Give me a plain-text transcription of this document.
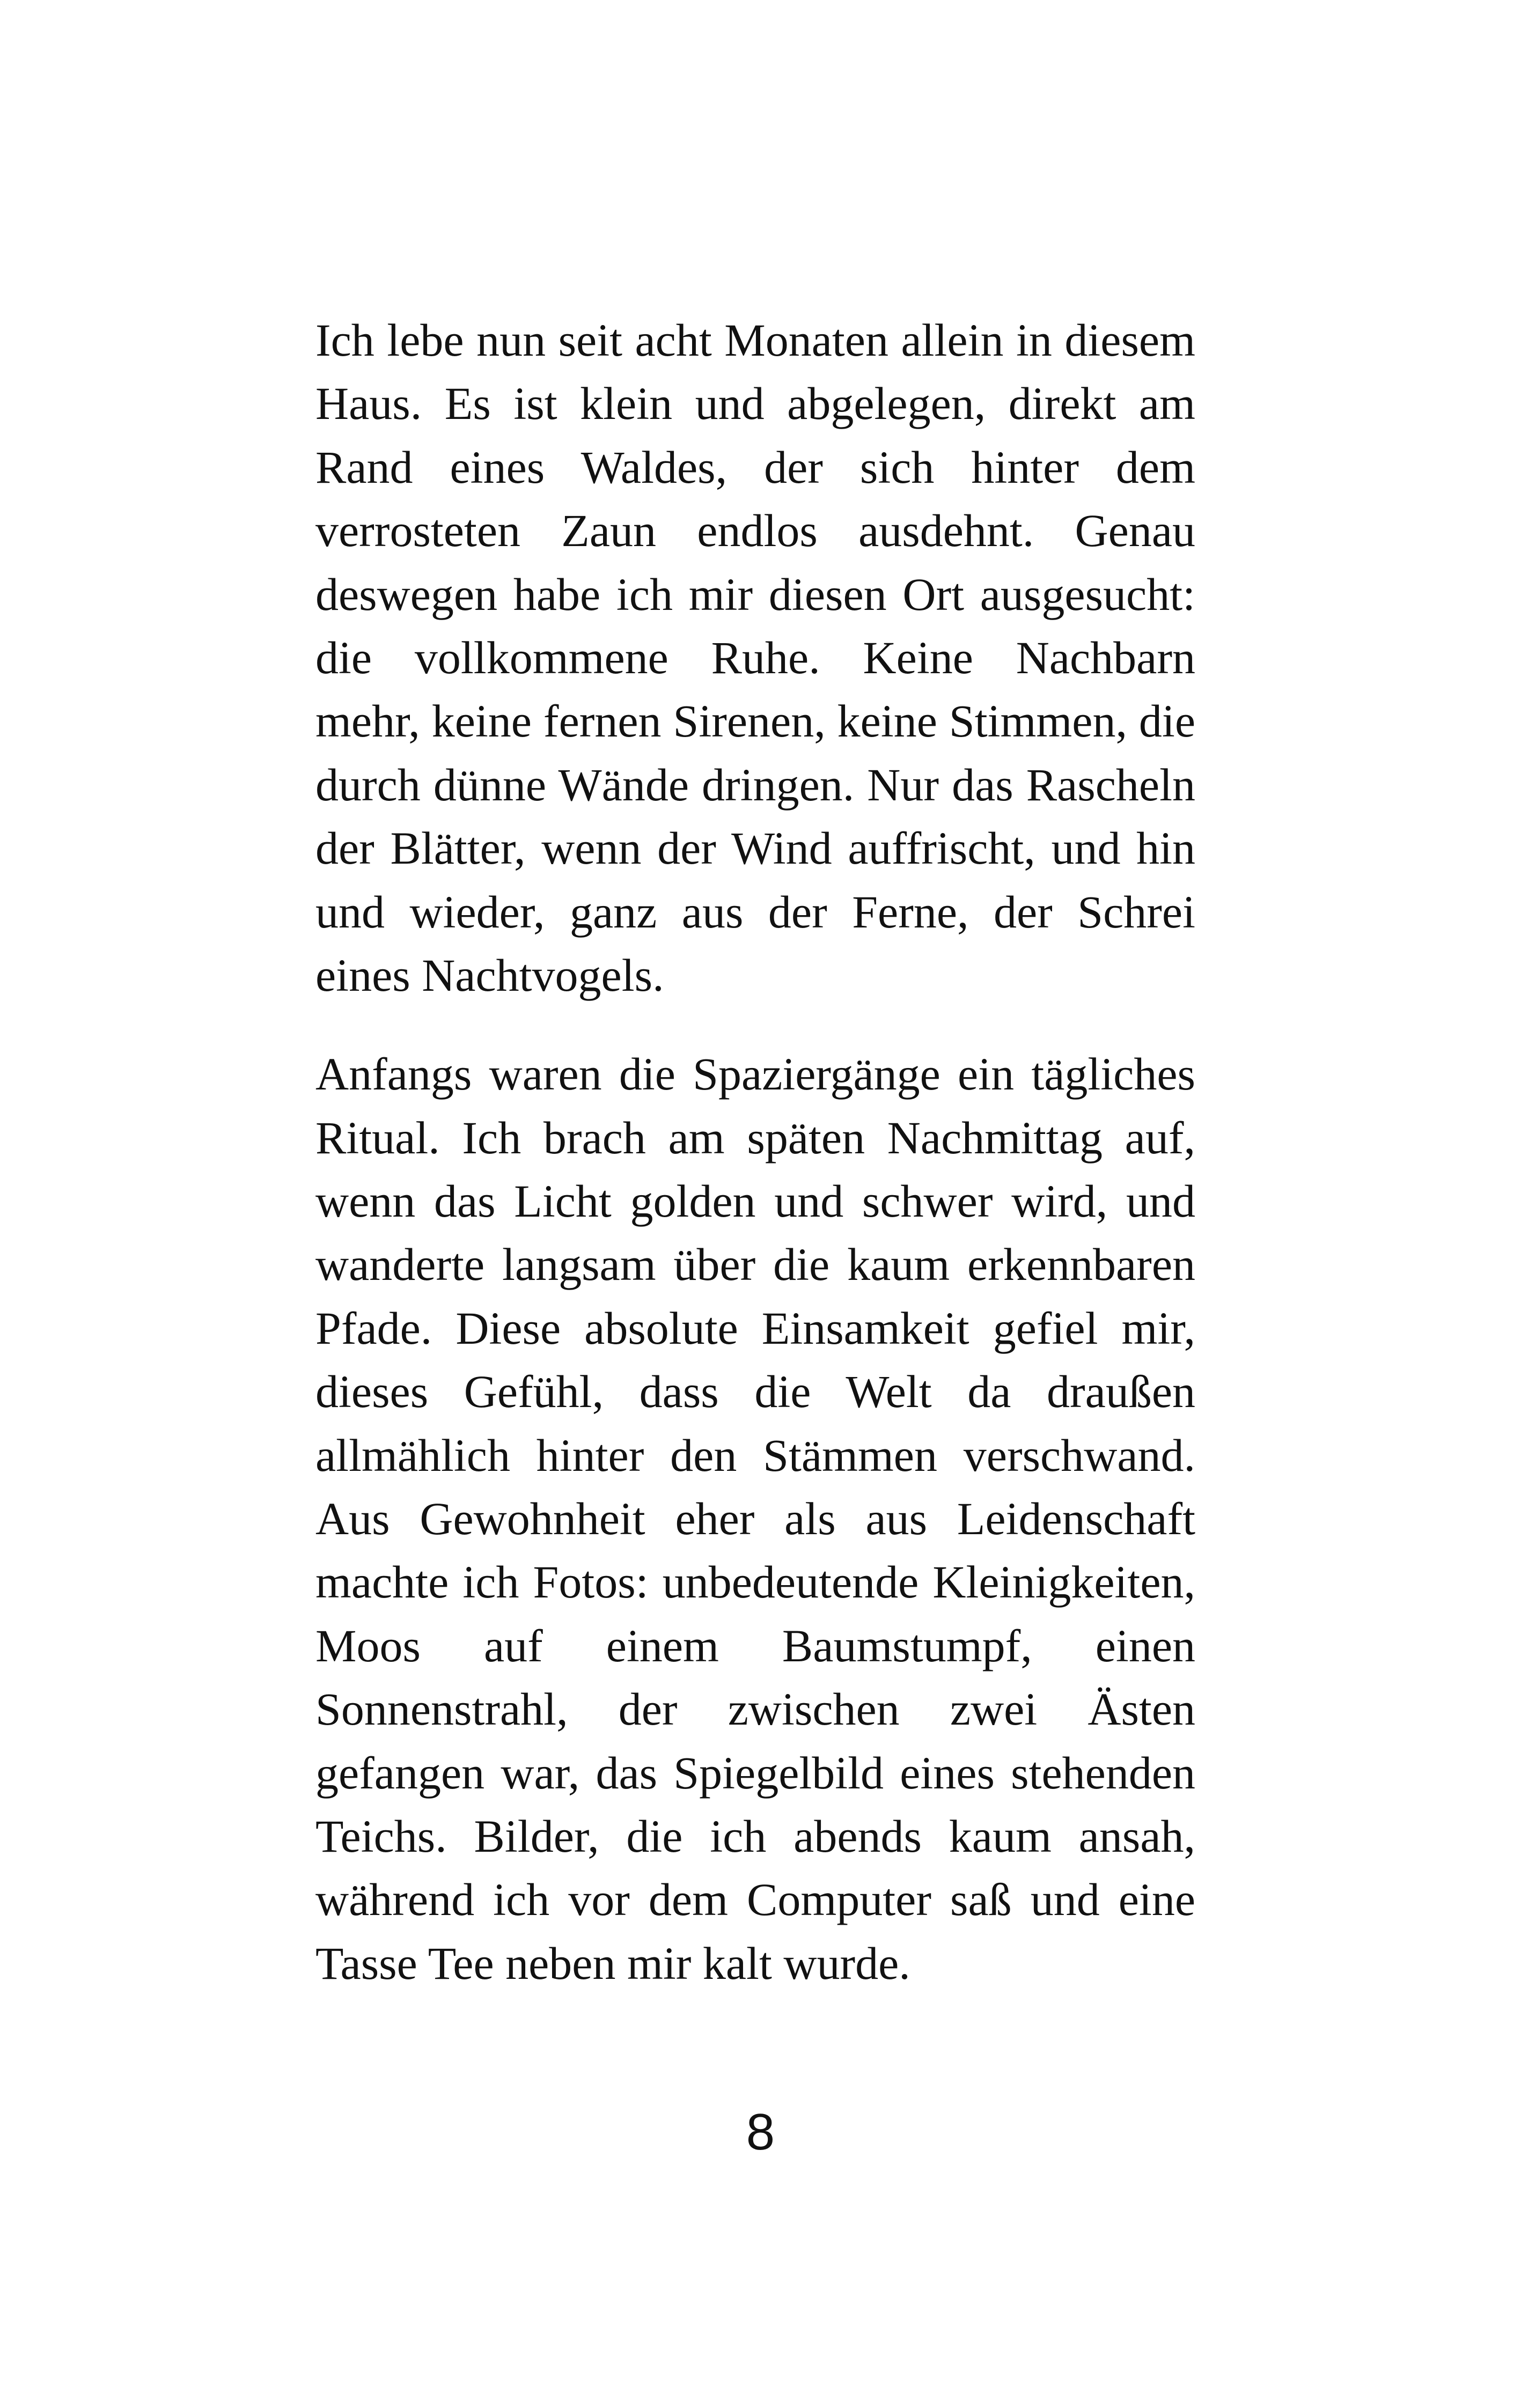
Ich lebe nun seit acht Monaten allein in diesem
Haus. Es ist klein und abgelegen, direkt am
Rand eines Waldes, der sich hinter dem
verrosteten Zaun endlos ausdehnt. Genau
deswegen habe ich mir diesen Ort ausgesucht:
die vollkommene Ruhe. Keine Nachbarn
mehr, keine fernen Sirenen, keine Stimmen, die
durch dünne Wände dringen. Nur das Rascheln
der Blätter, wenn der Wind auffrischt, und hin
und wieder, ganz aus der Ferne, der Schrei
eines Nachtvogels.
Anfangs waren die Spaziergänge ein tägliches
Ritual. Ich brach am späten Nachmittag auf,
wenn das Licht golden und schwer wird, und
wanderte langsam über die kaum erkennbaren
Pfade. Diese absolute Einsamkeit gefiel mir,
dieses Gefühl, dass die Welt da draußen
allmählich hinter den Stämmen verschwand.
Aus Gewohnheit eher als aus Leidenschaft
machte ich Fotos: unbedeutende Kleinigkeiten,
Moos auf einem Baumstumpf, einen
Sonnenstrahl, der zwischen zwei Ästen
gefangen war, das Spiegelbild eines stehenden
Teichs. Bilder, die ich abends kaum ansah,
während ich vor dem Computer saß und eine
Tasse Tee neben mir kalt wurde.
8
